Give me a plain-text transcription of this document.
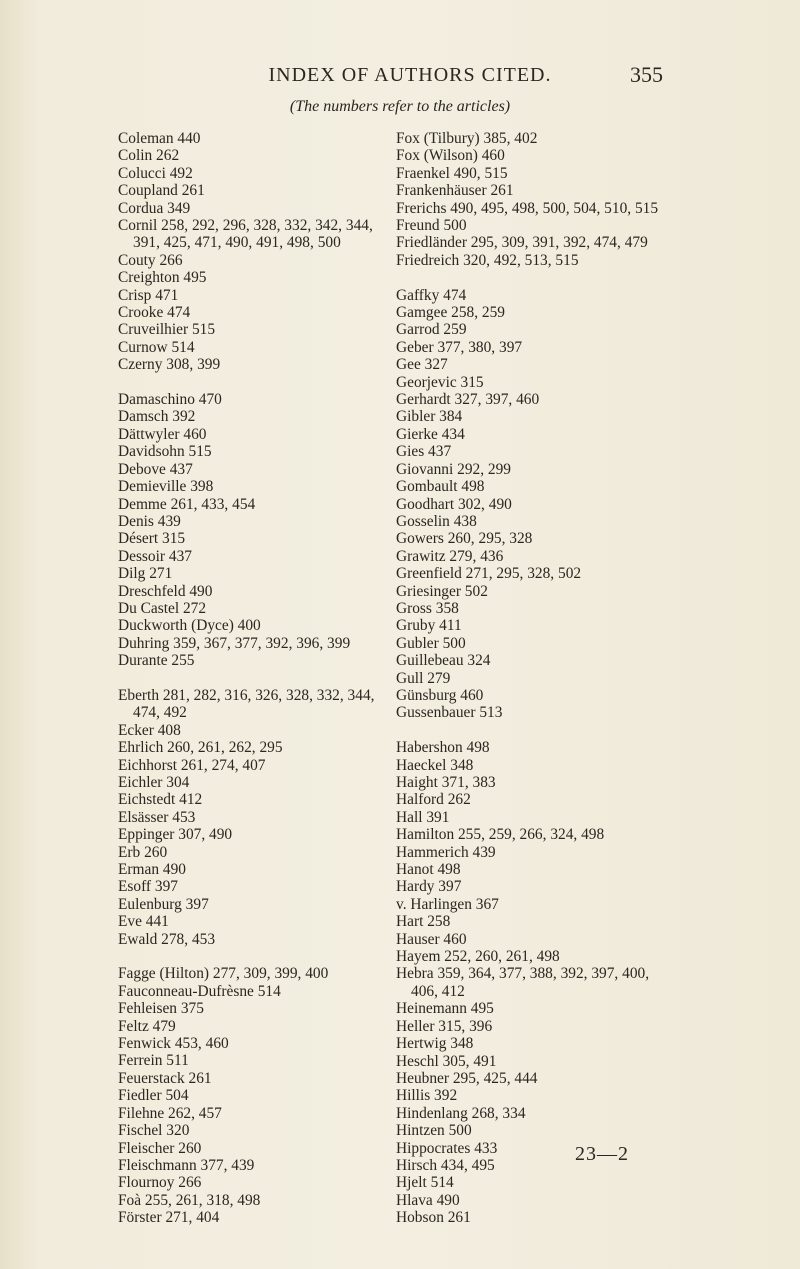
INDEX OF AUTHORS CITED.	355
(The numbers refer to the articles)
Coleman 440
Colin 262
Colucci 492
Coupland 261
Cordua 349
Cornil 258, 292, 296, 328, 332, 342, 344,
391, 425, 471, 490, 491, 498, 500
Couty 266
Creighton 495
Crisp 471
Crooke 474
Cruveilhier 515
Curnow 514
Czerny 308, 399
Damaschino 470
Damsch 392
Dättwyler 460
Davidsohn 515
Debove 437
Demieville 398
Demme 261, 433, 454
Denis 439
Désert 315
Dessoir 437
Dilg 271
Dreschfeld 490
Du Castel 272
Duckworth (Dyce) 400
Duhring 359, 367, 377, 392, 396, 399
Durante 255
Eberth 281, 282, 316, 326, 328, 332, 344,
474, 492
Ecker 408
Ehrlich 260, 261, 262, 295
Eichhorst 261, 274, 407
Eichler 304
Eichstedt 412
Elsässer 453
Eppinger 307, 490
Erb 260
Erman 490
Esoff 397
Eulenburg 397
Eve 441
Ewald 278, 453
Fagge (Hilton) 277, 309, 399, 400
Fauconneau-Dufrèsne 514
Fehleisen 375
Feltz 479
Fenwick 453, 460
Ferrein 511
Feuerstack 261
Fiedler 504
Filehne 262, 457
Fischel 320
Fleischer 260
Fleischmann 377, 439
Flournoy 266
Foà 255, 261, 318, 498
Förster 271, 404
Fox (Tilbury) 385, 402
Fox (Wilson) 460
Fraenkel 490, 515
Frankenhäuser 261
Frerichs 490, 495, 498, 500, 504, 510, 515
Freund 500
Friedländer 295, 309, 391, 392, 474, 479
Friedreich 320, 492, 513, 515
Gaffky 474
Gamgee 258, 259
Garrod 259
Geber 377, 380, 397
Gee 327
Georjevic 315
Gerhardt 327, 397, 460
Gibler 384
Gierke 434
Gies 437
Giovanni 292, 299
Gombault 498
Goodhart 302, 490
Gosselin 438
Gowers 260, 295, 328
Grawitz 279, 436
Greenfield 271, 295, 328, 502
Griesinger 502
Gross 358
Gruby 411
Gubler 500
Guillebeau 324
Gull 279
Günsburg 460
Gussenbauer 513
Habershon 498
Haeckel 348
Haight 371, 383
Halford 262
Hall 391
Hamilton 255, 259, 266, 324, 498
Hammerich 439
Hanot 498
Hardy 397
v. Harlingen 367
Hart 258
Hauser 460
Hayem 252, 260, 261, 498
Hebra 359, 364, 377, 388, 392, 397, 400,
406, 412
Heinemann 495
Heller 315, 396
Hertwig 348
Heschl 305, 491
Heubner 295, 425, 444
Hillis 392
Hindenlang 268, 334
Hintzen 500
Hippocrates 433
Hirsch 434, 495
Hjelt 514
Hlava 490
Hobson 261
23—2
